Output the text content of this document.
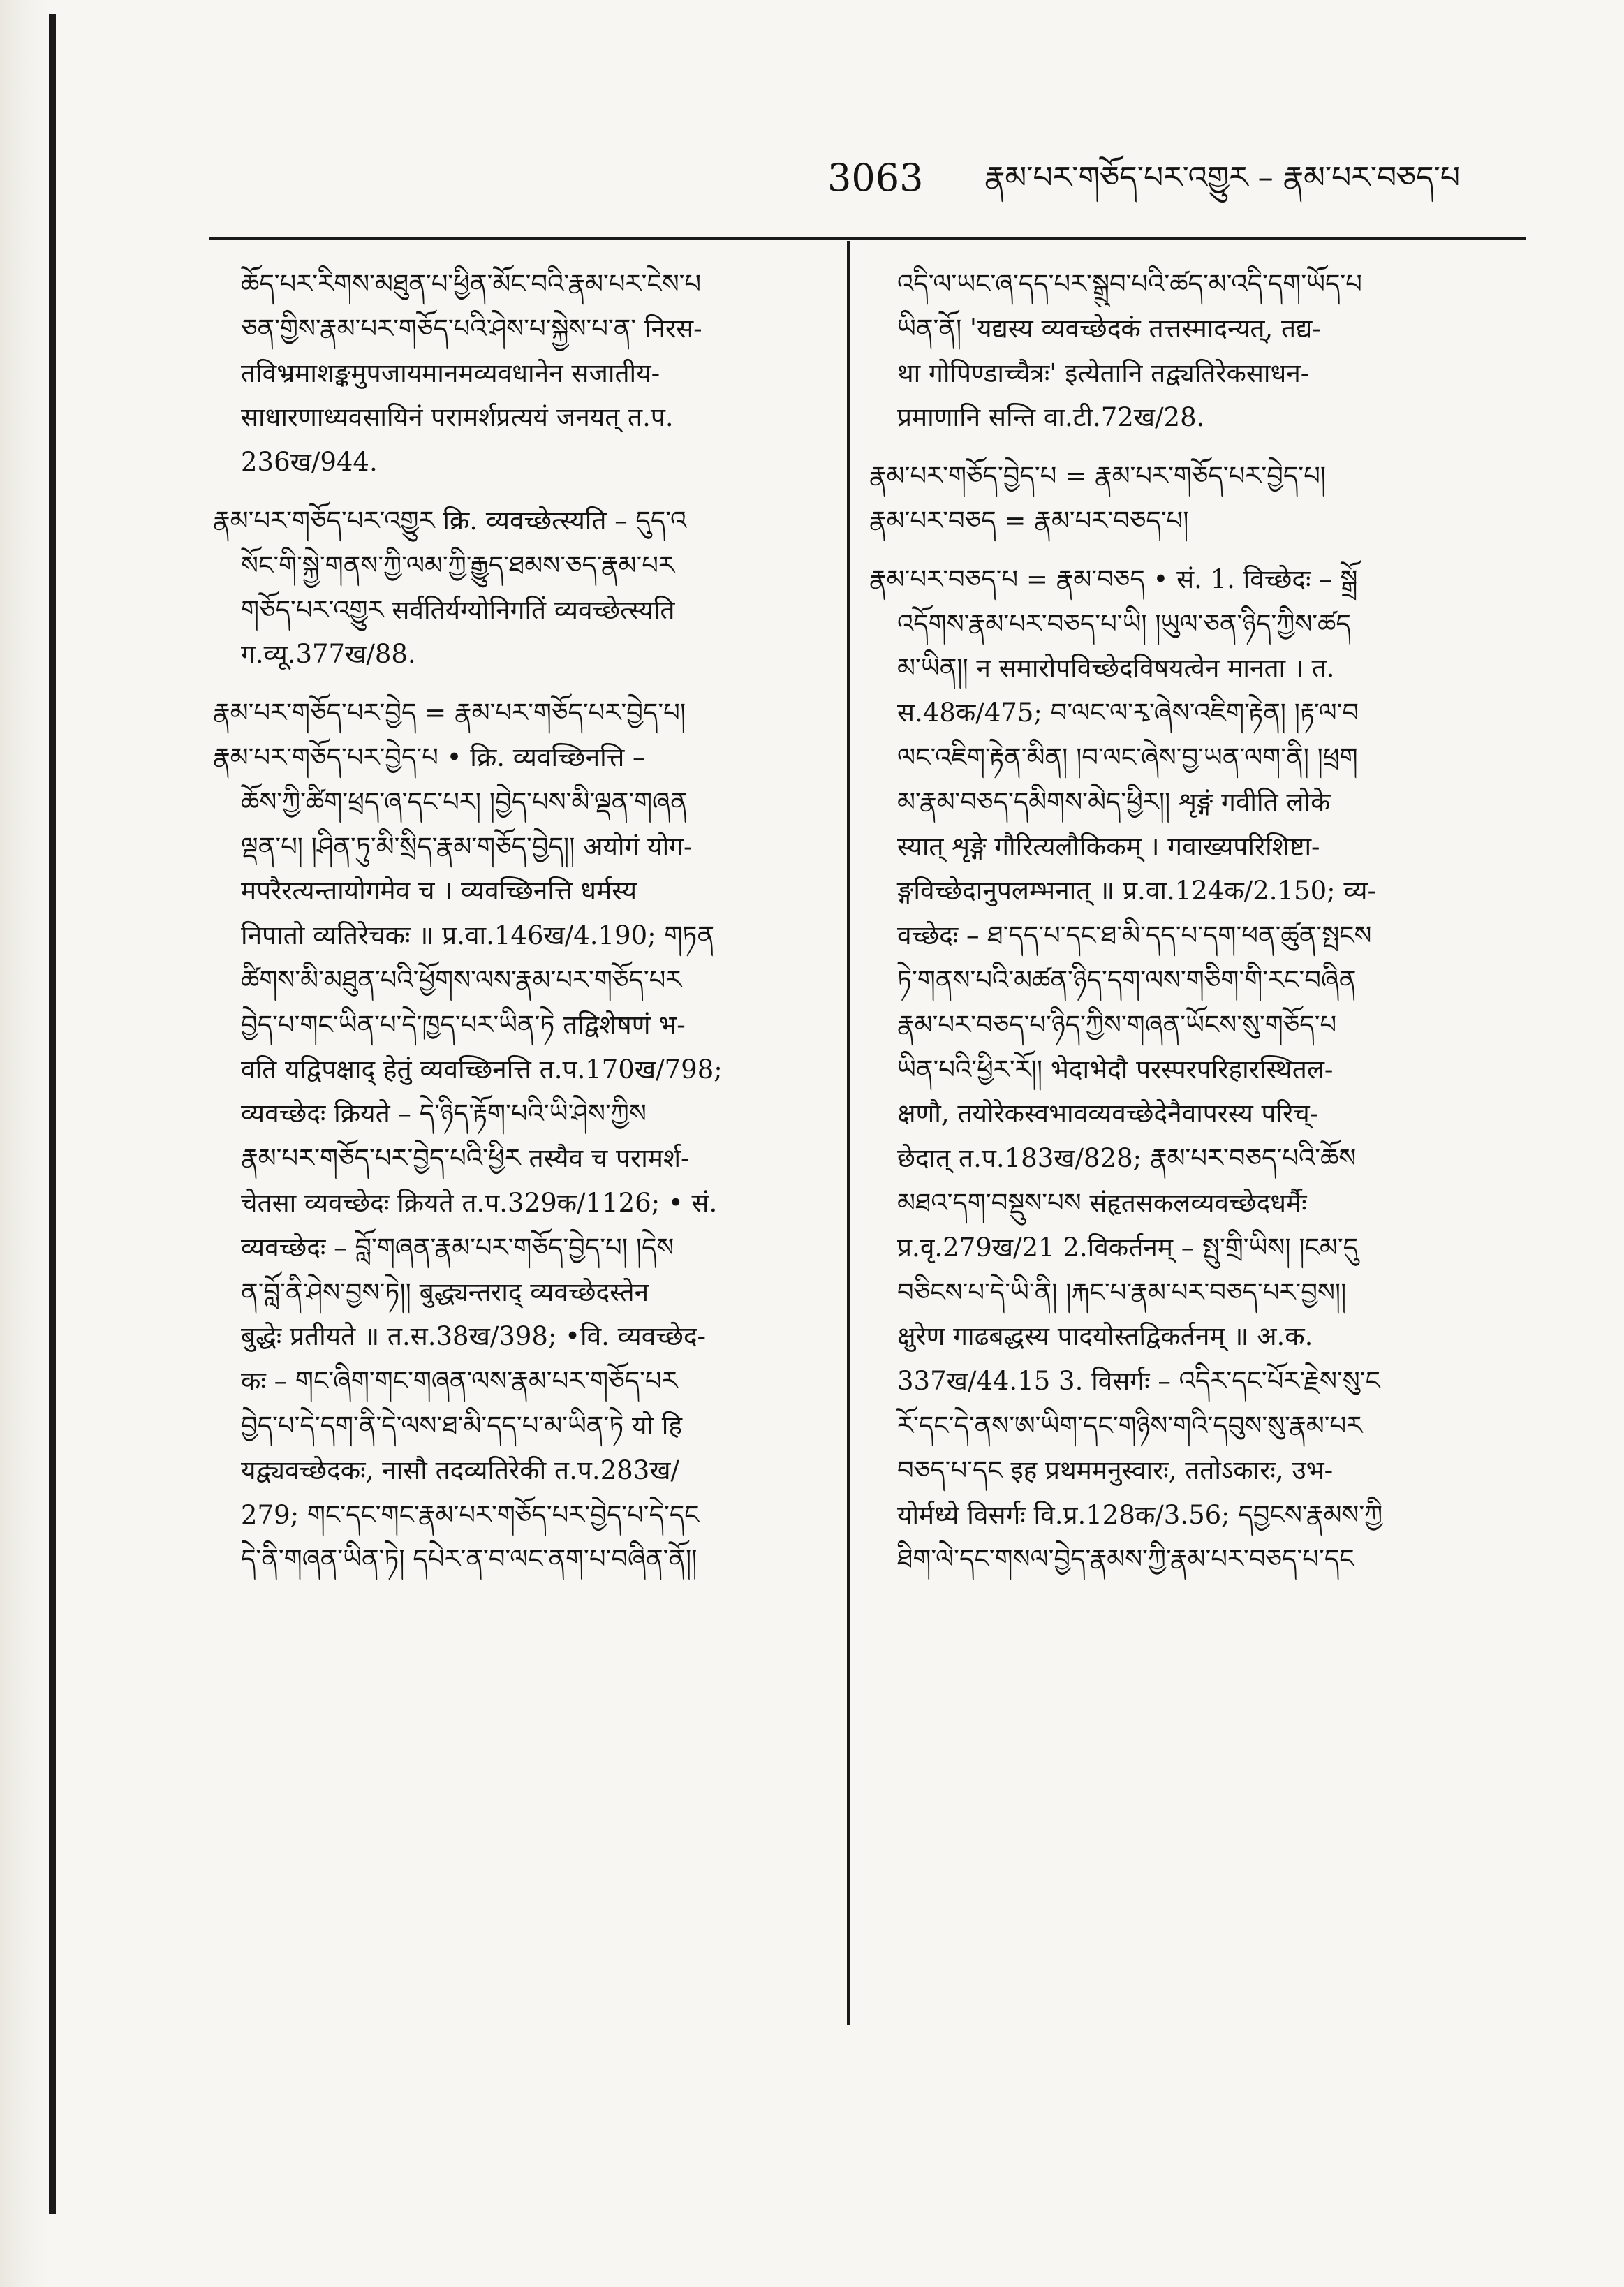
3063 རྣམ་པར་གཅོད་པར་འགྱུར – རྣམ་པར་བཅད་པ
ཆོད་པར་རིགས་མཐུན་པ་ཕྱིན་མོང་བའི་རྣམ་པར་ངེས་པ
ཅན་གྱིས་རྣམ་པར་གཅོད་པའི་ཤེས་པ་སྐྱེས་པ་ན་ निरस-
तविभ्रमाशङ्कमुपजायमानमव्यवधानेन सजातीय-
साधारणाध्यवसायिनं परामर्शप्रत्ययं जनयत् त.प.
236ख/944.
རྣམ་པར་གཅོད་པར་འགྱུར क्रि. व्यवच्छेत्स्यति – དུད་འ
སོང་གི་སྐྱེ་གནས་ཀྱི་ལམ་ཀྱི་རྒྱུད་ཐམས་ཅད་རྣམ་པར
གཅོད་པར་འགྱུར सर्वतिर्यग्योनिगतिं व्यवच्छेत्स्यति
ग.व्यू.377ख/88.
རྣམ་པར་གཅོད་པར་བྱེད = རྣམ་པར་གཅོད་པར་བྱེད་པ།
རྣམ་པར་གཅོད་པར་བྱེད་པ • क्रि. व्यवच्छिनत्ति –
ཆོས་ཀྱི་ཚིག་ཕྲད་ཞ་དང་པར། །བྱེད་པས་མི་ལྡན་གཞན
ལྡན་པ། །ཤིན་ཏུ་མི་སྲིད་རྣམ་གཅོད་བྱེད།། अयोगं योग-
मपरैरत्यन्तायोगमेव च । व्यवच्छिनत्ति धर्मस्य
निपातो व्यतिरेचकः ॥ प्र.वा.146ख/4.190; གཏན
ཚིགས་མི་མཐུན་པའི་ཕྱོགས་ལས་རྣམ་པར་གཅོད་པར
བྱེད་པ་གང་ཡིན་པ་དེ་ཁྱད་པར་ཡིན་ཏེ तद्विशेषणं भ-
वति यद्विपक्षाद् हेतुं व्यवच्छिनत्ति त.प.170ख/798;
व्यवच्छेदः क्रियते – དེ་ཉིད་རྟོག་པའི་ཡི་ཤེས་ཀྱིས
རྣམ་པར་གཅོད་པར་བྱེད་པའི་ཕྱིར तस्यैव च परामर्श-
चेतसा व्यवच्छेदः क्रियते त.प.329क/1126; • सं.
व्यवच्छेदः – བློ་གཞན་རྣམ་པར་གཅོད་བྱེད་པ། །དེས
ན་བློ་ནི་ཤེས་བྱས་ཏེ།། बुद्ध्यन्तराद् व्यवच्छेदस्तेन
बुद्धेः प्रतीयते ॥ त.स.38ख/398; •वि. व्यवच्छेद-
कः – གང་ཞིག་གང་གཞན་ལས་རྣམ་པར་གཅོད་པར
བྱེད་པ་དེ་དག་ནི་དེ་ལས་ཐ་མི་དད་པ་མ་ཡིན་ཏེ यो हि
यद्व्यवच्छेदकः, नासौ तदव्यतिरेकी त.प.283ख/
279; གང་དང་གང་རྣམ་པར་གཅོད་པར་བྱེད་པ་དེ་དང
དེ་ནི་གཞན་ཡིན་ཏེ། དཔེར་ན་བ་ལང་ནག་པ་བཞིན་ནོ།།
འདི་ལ་ཡང་ཞ་དད་པར་སྒྲུབ་པའི་ཚད་མ་འདི་དག་ཡོད་པ
ཡིན་ནོ། 'यद्यस्य व्यवच्छेदकं तत्तस्मादन्यत्, तद्य-
था गोपिण्डाच्चैत्रः' इत्येतानि तद्व्यतिरेकसाधन-
प्रमाणानि सन्ति वा.टी.72ख/28.
རྣམ་པར་གཅོད་བྱེད་པ = རྣམ་པར་གཅོད་པར་བྱེད་པ།
རྣམ་པར་བཅད = རྣམ་པར་བཅད་པ།
རྣམ་པར་བཅད་པ = རྣམ་བཅད • सं. 1. विच्छेदः – སྒྲོ
འདོགས་རྣམ་པར་བཅད་པ་ཡི། །ཡུལ་ཅན་ཉིད་ཀྱིས་ཚད
མ་ཡིན།། न समारोपविच्छेदविषयत्वेन मानता । त.
स.48क/475; བ་ལང་ལ་རྭ་ཞེས་འཇིག་རྟེན། །རྟ་ལ་བ
ལང་འཇིག་རྟེན་མིན། །བ་ལང་ཞེས་བྱ་ཡན་ལག་ནི། །ཕྲག
མ་རྣམ་བཅད་དམིགས་མེད་ཕྱིར།། शृङ्गं गवीति लोके
स्यात् शृङ्गे गौरित्यलौकिकम् । गवाख्यपरिशिष्टा-
ङ्गविच्छेदानुपलम्भनात् ॥ प्र.वा.124क/2.150; व्य-
वच्छेदः – ཐ་དད་པ་དང་ཐ་མི་དད་པ་དག་ཕན་ཚུན་སྤངས
ཏེ་གནས་པའི་མཚན་ཉིད་དག་ལས་གཅིག་གི་རང་བཞིན
རྣམ་པར་བཅད་པ་ཉིད་ཀྱིས་གཞན་ཡོངས་སུ་གཅོད་པ
ཡིན་པའི་ཕྱིར་རོ།། भेदाभेदौ परस्परपरिहारस्थितल-
क्षणौ, तयोरेकस्वभावव्यवच्छेदेनैवापरस्य परिच्-
छेदात् त.प.183ख/828; རྣམ་པར་བཅད་པའི་ཆོས
མཐའ་དག་བསྡུས་པས संहृतसकलव्यवच्छेदधर्मैः
प्र.वृ.279ख/21 2.विकर्तनम् – སྤུ་གྲི་ཡིས། །ངམ་དུ
བཅིངས་པ་དེ་ཡི་ནི། །རྐང་པ་རྣམ་པར་བཅད་པར་བྱས།།
क्षुरेण गाढबद्धस्य पादयोस्तद्विकर्तनम् ॥ अ.क.
337ख/44.15 3. विसर्गः – འདིར་དང་པོར་རྗེས་སུ་ང
རོ་དང་དེ་ནས་ཨ་ཡིག་དང་གཉིས་གའི་དབུས་སུ་རྣམ་པར
བཅད་པ་དང इह प्रथममनुस्वारः, ततोऽकारः, उभ-
योर्मध्ये विसर्गः वि.प्र.128क/3.56; དབྱངས་རྣམས་ཀྱི
ཐིག་ལེ་དང་གསལ་བྱེད་རྣམས་ཀྱི་རྣམ་པར་བཅད་པ་དང
